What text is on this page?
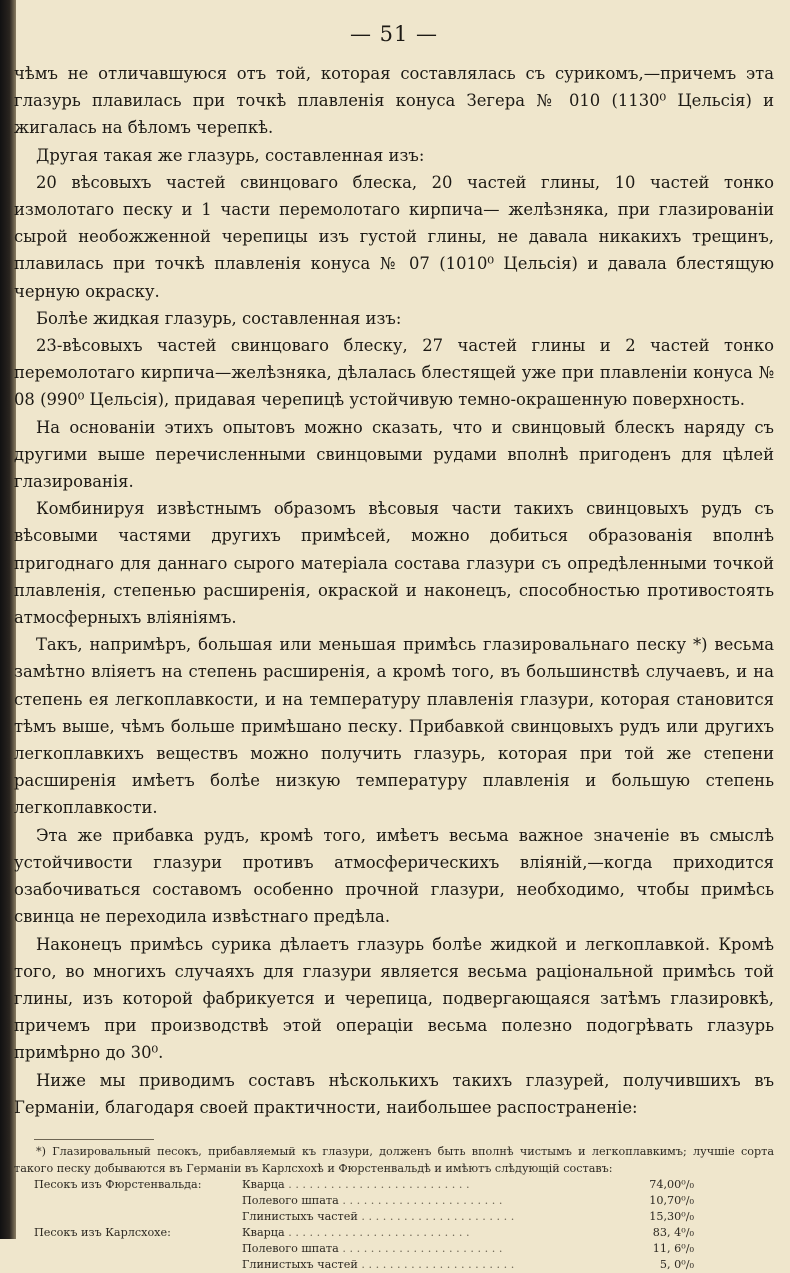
— 51 —

чѣмъ не отличавшуюся отъ той, которая составлялась съ сурикомъ,—причемъ эта глазурь плавилась при точкѣ плавленія конуса Зегера № 010 (1130⁰ Цельсія) и жигалась на бѣломъ черепкѣ.

Другая такая же глазурь, составленная изъ:

20 вѣсовыхъ частей свинцоваго блеска, 20 частей глины, 10 частей тонко измолотаго песку и 1 части перемолотаго кирпича— желѣзняка, при глазированіи сырой необожженной черепицы изъ густой глины, не давала никакихъ трещинъ, плавилась при точкѣ плавленія конуса № 07 (1010⁰ Цельсія) и давала блестящую черную окраску.

Болѣе жидкая глазурь, составленная изъ:

23-вѣсовыхъ частей свинцоваго блеску, 27 частей глины и 2 частей тонко перемолотаго кирпича—желѣзняка, дѣлалась блестящей уже при плавленіи конуса № 08 (990⁰ Цельсія), придавая черепицѣ устойчивую темно-окрашенную поверхность.

На основаніи этихъ опытовъ можно сказать, что и свинцовый блескъ наряду съ другими выше перечисленными свинцовыми рудами вполнѣ пригоденъ для цѣлей глазированія.

Комбинируя извѣстнымъ образомъ вѣсовыя части такихъ свинцовыхъ рудъ съ вѣсовыми частями другихъ примѣсей, можно добиться образованія вполнѣ пригоднаго для даннаго сырого матеріала состава глазури съ опредѣленными точкой плавленія, степенью расширенія, окраской и наконецъ, способностью противостоять атмосферныхъ вліяніямъ.

Такъ, напримѣръ, большая или меньшая примѣсь глазировальнаго песку *) весьма замѣтно вліяетъ на степень расширенія, а кромѣ того, въ большинствѣ случаевъ, и на степень ея легкоплавкости, и на температуру плавленія глазури, которая становится тѣмъ выше, чѣмъ больше примѣшано песку. Прибавкой свинцовыхъ рудъ или другихъ легкоплавкихъ веществъ можно получить глазурь, которая при той же степени расширенія имѣетъ болѣе низкую температуру плавленія и большую степень легкоплавкости.

Эта же прибавка рудъ, кромѣ того, имѣетъ весьма важное значеніе въ смыслѣ устойчивости глазури противъ атмосферическихъ вліяній,—когда приходится озабочиваться составомъ особенно прочной глазури, необходимо, чтобы примѣсь свинца не переходила извѣстнаго предѣла.

Наконецъ примѣсь сурика дѣлаетъ глазурь болѣе жидкой и легкоплавкой. Кромѣ того, во многихъ случаяхъ для глазури является весьма раціональной примѣсь той глины, изъ которой фабрикуется и черепица, подвергающаяся затѣмъ глазировкѣ, причемъ при производствѣ этой операціи весьма полезно подогрѣвать глазурь примѣрно до 30⁰.

Ниже мы приводимъ составъ нѣсколькихъ такихъ глазурей, получившихъ въ Германіи, благодаря своей практичности, наибольшее распостраненіе:

*) Глазировальный песокъ, прибавляемый къ глазури, долженъ быть вполнѣ чистымъ и легкоплавкимъ; лучшіе сорта такого песку добываются въ Германіи въ Карлсхохѣ и Фюрстенвальдѣ и имѣютъ слѣдующій составъ:

Песокъ изъ Фюрстенвальда:	Кварца . . . . . . . . . . . . . . . . . . . . . . . . . .	74,00⁰/₀
	Полевого шпата . . . . . . . . . . . . . . . . . . . . . . .	10,70⁰/₀
	Глинистыхъ частей . . . . . . . . . . . . . . . . . . . . . .	15,30⁰/₀
Песокъ изъ Карлсхохе:	Кварца . . . . . . . . . . . . . . . . . . . . . . . . . .	83, 4⁰/₀
	Полевого шпата . . . . . . . . . . . . . . . . . . . . . . .	11, 6⁰/₀
	Глинистыхъ частей . . . . . . . . . . . . . . . . . . . . . .	5, 0⁰/₀
